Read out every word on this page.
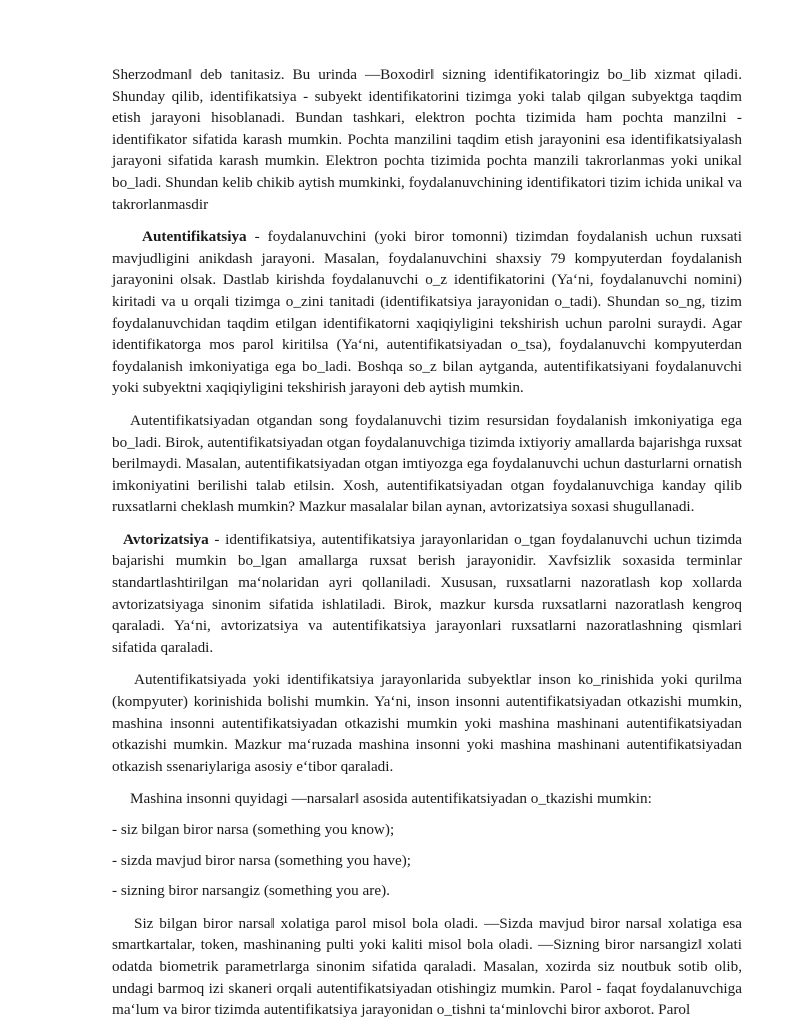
Sherzodman‖ deb tanitasiz. Bu urinda ―Boxodir‖ sizning identifikatoringiz bo_lib xizmat qiladi. Shunday qilib, identifikatsiya - subyekt identifikatorini tizimga yoki talab qilgan subyektga taqdim etish jarayoni hisoblanadi. Bundan tashkari, elektron pochta tizimida ham pochta manzilni - identifikator sifatida karash mumkin. Pochta manzilini taqdim etish jarayonini esa identifikatsiyalash jarayoni sifatida karash mumkin. Elektron pochta tizimida pochta manzili takrorlanmas yoki unikal bo_ladi. Shundan kelib chikib aytish mumkinki, foydalanuvchining identifikatori tizim ichida unikal va takrorlanmasdir

Autentifikatsiya - foydalanuvchini (yoki biror tomonni) tizimdan foydalanish uchun ruxsati mavjudligini anikdash jarayoni. Masalan, foydalanuvchini shaxsiy 79 kompyuterdan foydalanish jarayonini olsak. Dastlab kirishda foydalanuvchi o_z identifikatorini (Ya‘ni, foydalanuvchi nomini) kiritadi va u orqali tizimga o_zini tanitadi (identifikatsiya jarayonidan o_tadi). Shundan so_ng, tizim foydalanuvchidan taqdim etilgan identifikatorni xaqiqiyligini tekshirish uchun parolni suraydi. Agar identifikatorga mos parol kiritilsa (Ya‘ni, autentifikatsiyadan o_tsa), foydalanuvchi kompyuterdan foydalanish imkoniyatiga ega bo_ladi. Boshqa so_z bilan aytganda, autentifikatsiyani foydalanuvchi yoki subyektni xaqiqiyligini tekshirish jarayoni deb aytish mumkin.

Autentifikatsiyadan otgandan song foydalanuvchi tizim resursidan foydalanish imkoniyatiga ega bo_ladi. Birok, autentifikatsiyadan otgan foydalanuvchiga tizimda ixtiyoriy amallarda bajarishga ruxsat berilmaydi. Masalan, autentifikatsiyadan otgan imtiyozga ega foydalanuvchi uchun dasturlarni ornatish imkoniyatini berilishi talab etilsin. Xosh, autentifikatsiyadan otgan foydalanuvchiga kanday qilib ruxsatlarni cheklash mumkin? Mazkur masalalar bilan aynan, avtorizatsiya soxasi shugullanadi.

Avtorizatsiya - identifikatsiya, autentifikatsiya jarayonlaridan o_tgan foydalanuvchi uchun tizimda bajarishi mumkin bo_lgan amallarga ruxsat berish jarayonidir. Xavfsizlik soxasida terminlar standartlashtirilgan ma‘nolaridan ayri qollaniladi. Xususan, ruxsatlarni nazoratlash kop xollarda avtorizatsiyaga sinonim sifatida ishlatiladi. Birok, mazkur kursda ruxsatlarni nazoratlash kengroq qaraladi. Ya‘ni, avtorizatsiya va autentifikatsiya jarayonlari ruxsatlarni nazoratlashning qismlari sifatida qaraladi.

Autentifikatsiyada yoki identifikatsiya jarayonlarida subyektlar inson ko_rinishida yoki qurilma (kompyuter) korinishida bolishi mumkin. Ya‘ni, inson insonni autentifikatsiyadan otkazishi mumkin, mashina insonni autentifikatsiyadan otkazishi mumkin yoki mashina mashinani autentifikatsiyadan otkazishi mumkin. Mazkur ma‘ruzada mashina insonni yoki mashina mashinani autentifikatsiyadan otkazish ssenariylariga asosiy e‘tibor qaraladi.

Mashina insonni quyidagi ―narsalar‖ asosida autentifikatsiyadan o_tkazishi mumkin:

- siz bilgan biror narsa (something you know);

- sizda mavjud biror narsa (something you have);

- sizning biror narsangiz (something you are).

Siz bilgan biror narsa‖ xolatiga parol misol bola oladi. ―Sizda mavjud biror narsa‖ xolatiga esa smartkartalar, token, mashinaning pulti yoki kaliti misol bola oladi. ―Sizning biror narsangiz‖ xolati odatda biometrik parametrlarga sinonim sifatida qaraladi. Masalan, xozirda siz noutbuk sotib olib, undagi barmoq izi skaneri orqali autentifikatsiyadan otishingiz mumkin. Parol - faqat foydalanuvchiga ma‘lum va biror tizimda autentifikatsiya jarayonidan o_tishni ta‘minlovchi biror axborot. Parol
